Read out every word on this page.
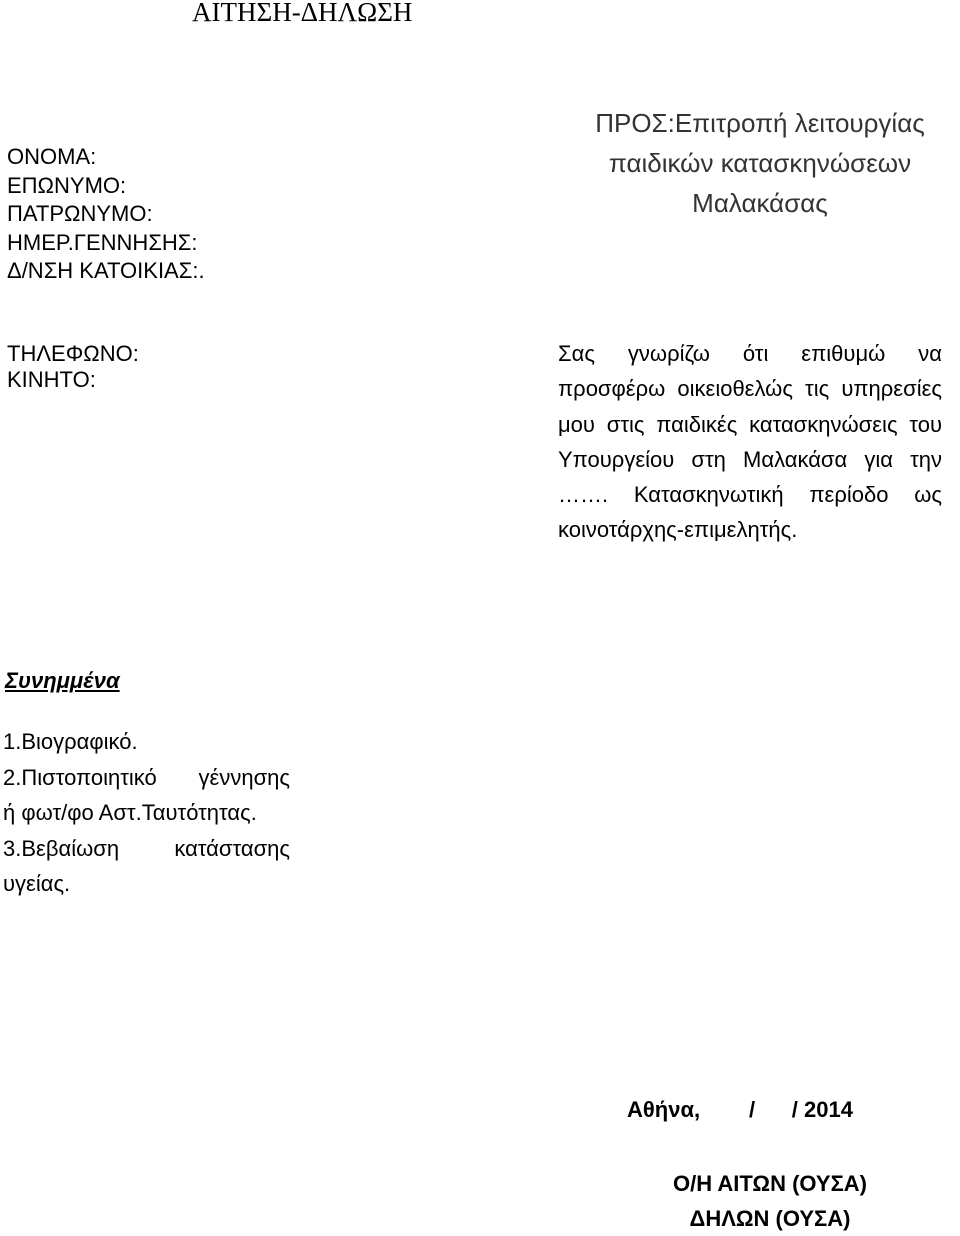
ΑΙΤΗΣΗ-ΔΗΛΩΣΗ
ΟΝΟΜΑ:
ΕΠΩΝΥΜΟ:
ΠΑΤΡΩΝΥΜΟ:
ΗΜΕΡ.ΓΕΝΝΗΣΗΣ:
Δ/ΝΣΗ ΚΑΤΟΙΚΙΑΣ:.
ΠΡΟΣ:Επιτροπή λειτουργίας
παιδικών κατασκηνώσεων
Μαλακάσας
ΤΗΛΕΦΩΝΟ:
ΚΙΝΗΤΟ:
Σας γνωρίζω ότι επιθυμώ να προσφέρω οικειοθελώς τις υπηρεσίες μου στις παιδικές κατασκηνώσεις του Υπουργείου στη Μαλακάσα για την ……. Κατασκηνωτική περίοδο ως κοινοτάρχης-επιμελητής.
Συνημμένα
1.Βιογραφικό.
2.Πιστοποιητικό γέννησης
ή φωτ/φο Αστ.Ταυτότητας.
3.Βεβαίωση κατάστασης
υγείας.
Αθήνα,        /      / 2014
Ο/Η ΑΙΤΩΝ (ΟΥΣΑ)
ΔΗΛΩΝ (ΟΥΣΑ)
